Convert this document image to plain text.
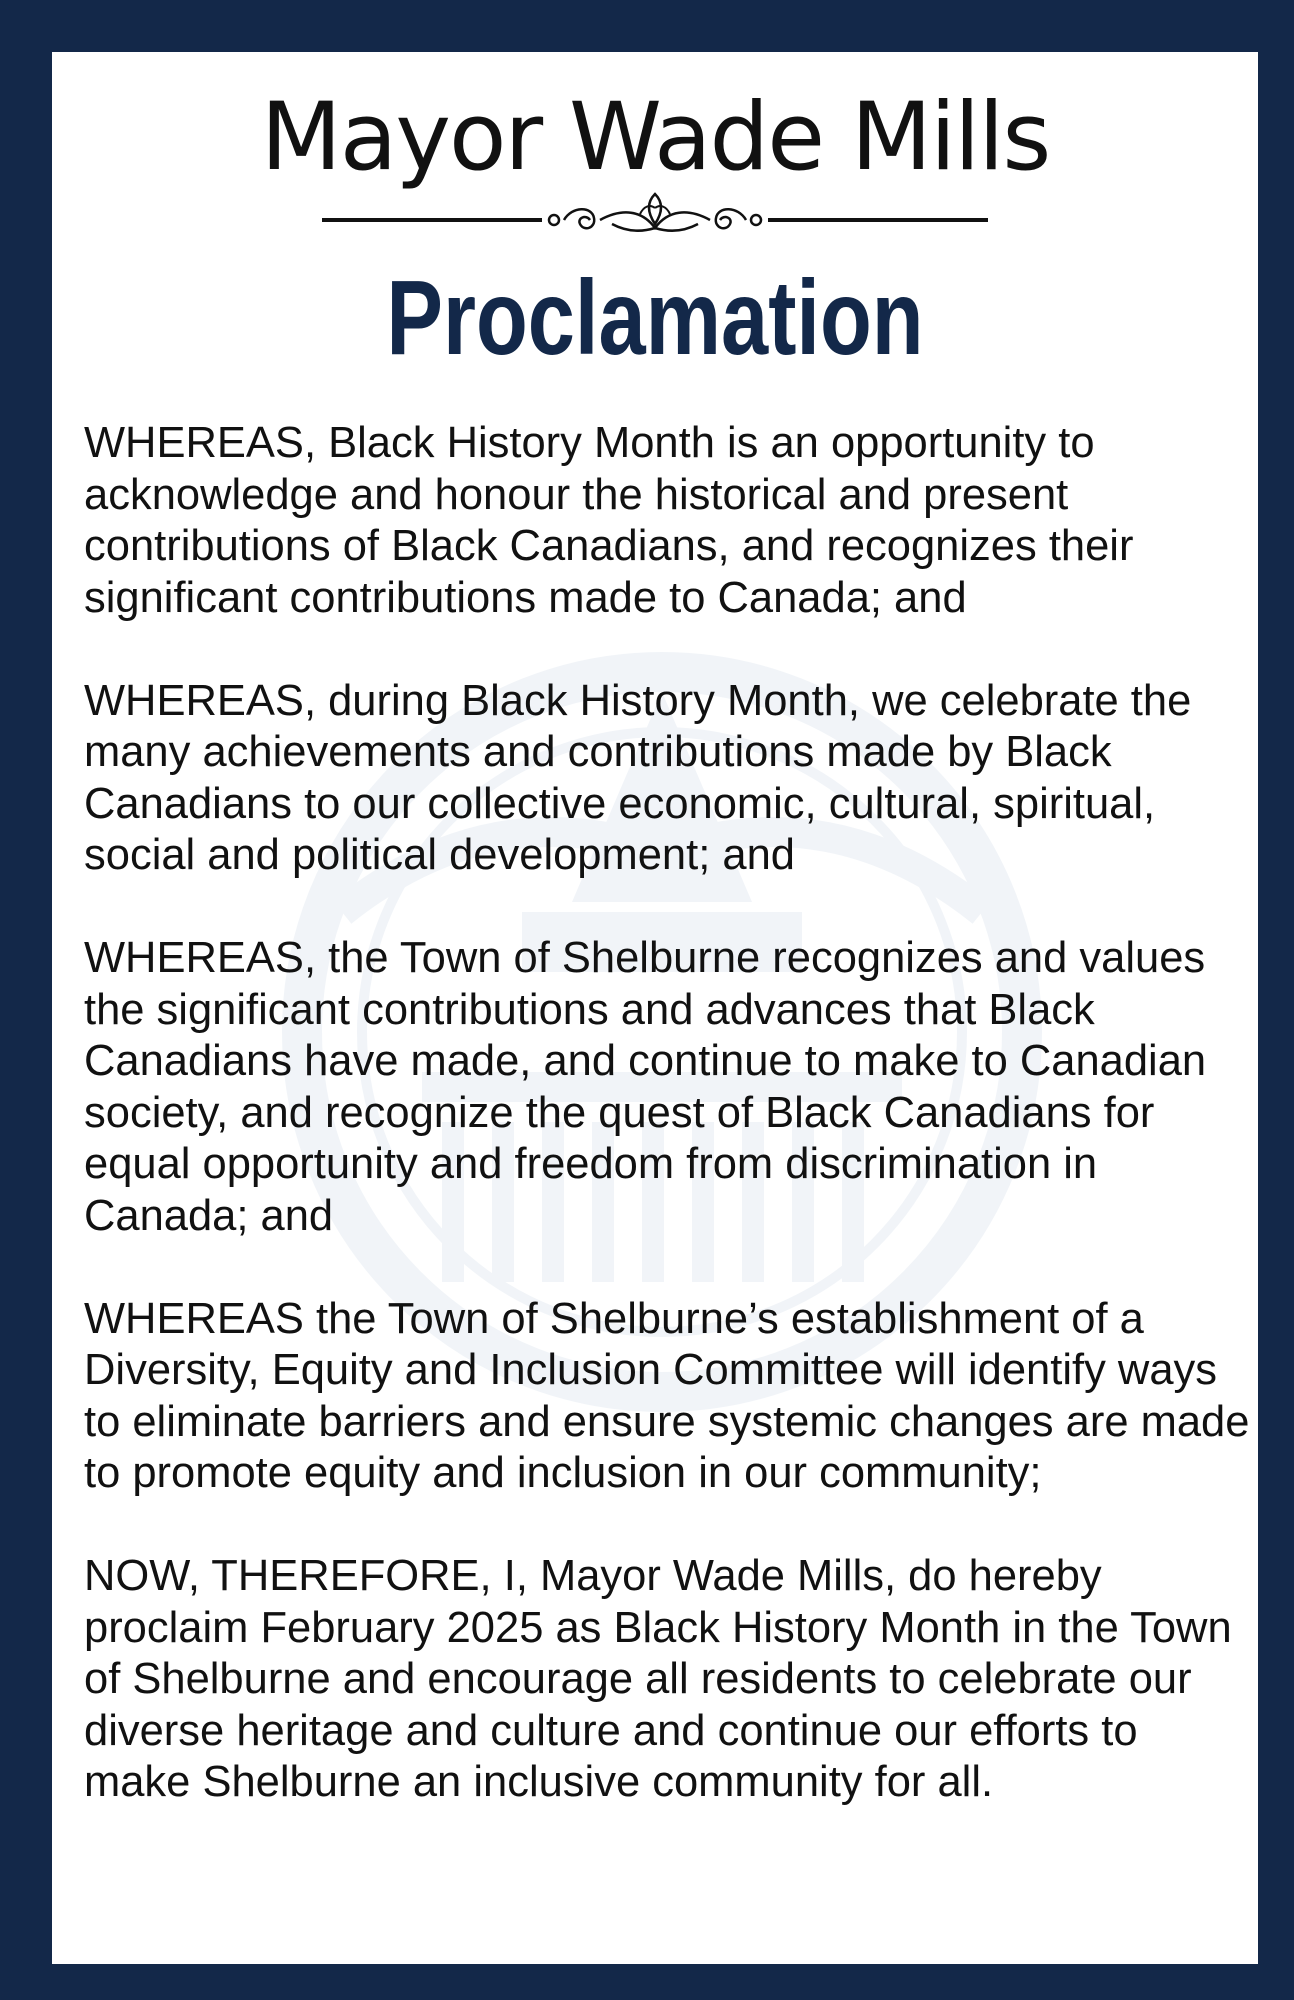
Mayor Wade Mills
Proclamation

WHEREAS, Black History Month is an opportunity to acknowledge and honour the historical and present contributions of Black Canadians, and recognizes their significant contributions made to Canada; and

WHEREAS, during Black History Month, we celebrate the many achievements and contributions made by Black Canadians to our collective economic, cultural, spiritual, social and political development; and

WHEREAS, the Town of Shelburne recognizes and values the significant contributions and advances that Black Canadians have made, and continue to make to Canadian society, and recognize the quest of Black Canadians for equal opportunity and freedom from discrimination in Canada; and

WHEREAS the Town of Shelburne’s establishment of a Diversity, Equity and Inclusion Committee will identify ways to eliminate barriers and ensure systemic changes are made to promote equity and inclusion in our community;

NOW, THEREFORE, I, Mayor Wade Mills, do hereby proclaim February 2025 as Black History Month in the Town of Shelburne and encourage all residents to celebrate our diverse heritage and culture and continue our efforts to make Shelburne an inclusive community for all.
